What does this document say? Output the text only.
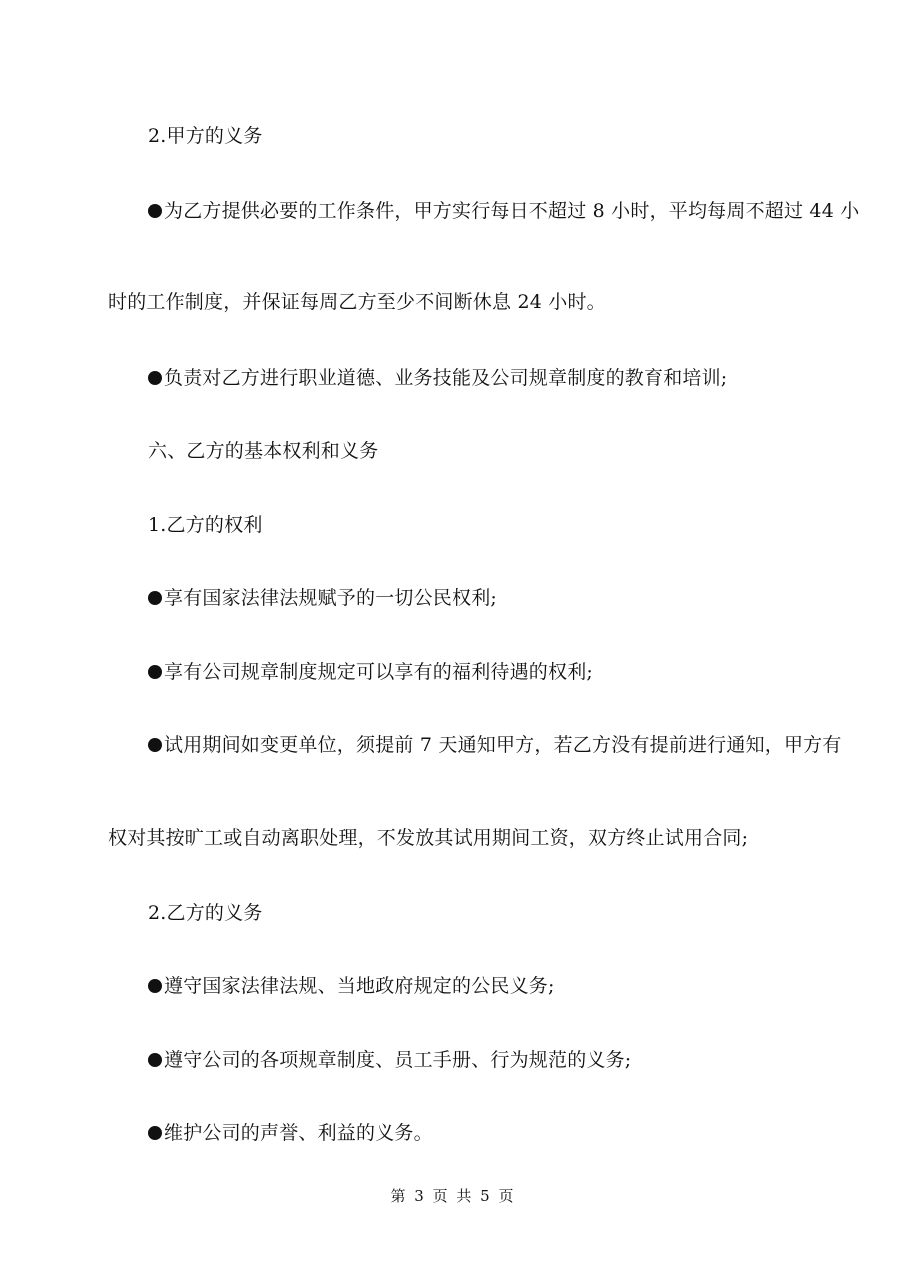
2.甲方的义务
为乙方提供必要的工作条件，甲方实行每日不超过 8 小时，平均每周不超过 44 小
时的工作制度，并保证每周乙方至少不间断休息 24 小时。
负责对乙方进行职业道德、业务技能及公司规章制度的教育和培训;
六、乙方的基本权利和义务
1.乙方的权利
享有国家法律法规赋予的一切公民权利;
享有公司规章制度规定可以享有的福利待遇的权利;
试用期间如变更单位，须提前 7 天通知甲方，若乙方没有提前进行通知，甲方有
权对其按旷工或自动离职处理，不发放其试用期间工资，双方终止试用合同;
2.乙方的义务
遵守国家法律法规、当地政府规定的公民义务;
遵守公司的各项规章制度、员工手册、行为规范的义务;
维护公司的声誉、利益的义务。
第 3 页 共 5 页
